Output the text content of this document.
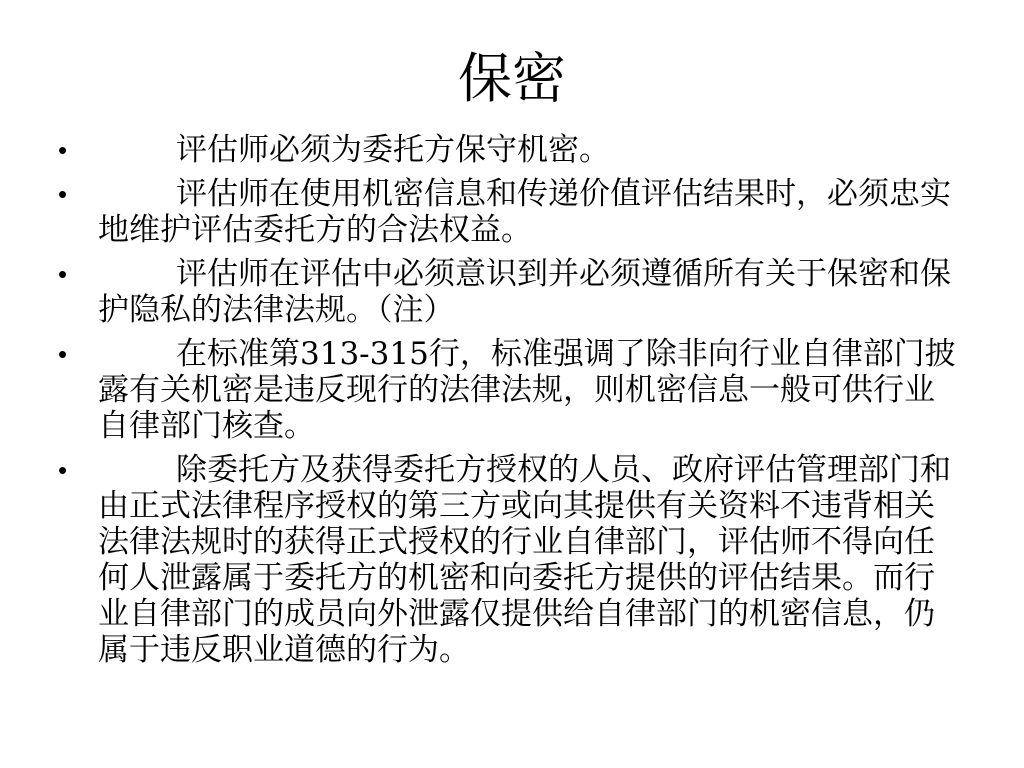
保密
•	评估师必须为委托方保守机密。
•	评估师在使用机密信息和传递价值评估结果时，必须忠实地维护评估委托方的合法权益。
•	评估师在评估中必须意识到并必须遵循所有关于保密和保护隐私的法律法规。（注）
•	在标准第313-315行，标准强调了除非向行业自律部门披露有关机密是违反现行的法律法规，则机密信息一般可供行业自律部门核查。
•	除委托方及获得委托方授权的人员、政府评估管理部门和由正式法律程序授权的第三方或向其提供有关资料不违背相关法律法规时的获得正式授权的行业自律部门，评估师不得向任何人泄露属于委托方的机密和向委托方提供的评估结果。而行业自律部门的成员向外泄露仅提供给自律部门的机密信息，仍属于违反职业道德的行为。
